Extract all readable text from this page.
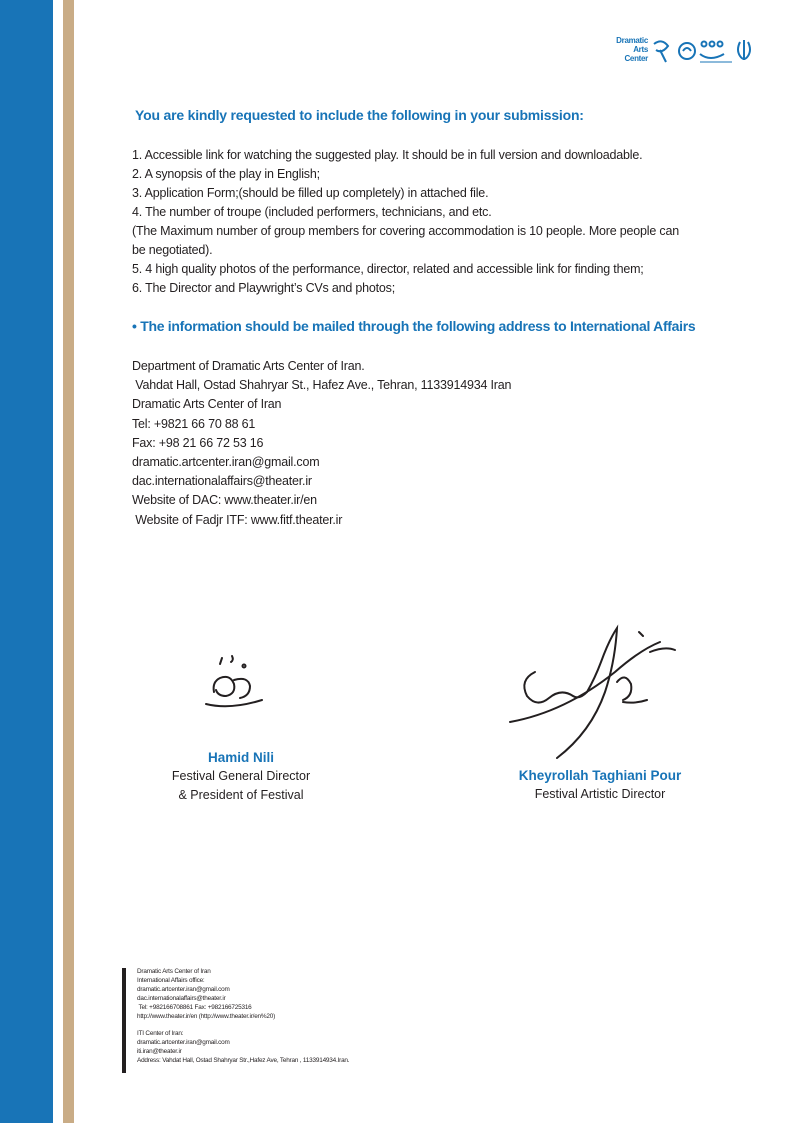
Dramatic
Arts
Center
You are kindly requested to include the following in your submission:
1. Accessible link for watching the suggested play. It should be in full version and downloadable.
2. A synopsis of the play in English;
3. Application Form;(should be filled up completely) in attached file.
4. The number of troupe (included performers, technicians, and etc.
(The Maximum number of group members for covering accommodation is 10 people. More people can be negotiated).
5. 4 high quality photos of the performance, director, related and accessible link for finding them;
6. The Director and Playwright’s CVs and photos;
• The information should be mailed through the following address to International Affairs
Department of Dramatic Arts Center of Iran.
Vahdat Hall, Ostad Shahryar St., Hafez Ave., Tehran, 1133914934 Iran
Dramatic Arts Center of Iran
Tel: +9821 66 70 88 61
Fax: +98 21 66 72 53 16
dramatic.artcenter.iran@gmail.com
dac.internationalaffairs@theater.ir
Website of DAC: www.theater.ir/en
Website of Fadjr ITF: www.fitf.theater.ir
Hamid Nili
Festival General Director
& President of Festival
Kheyrollah Taghiani Pour
Festival Artistic Director
Dramatic Arts Center of Iran
International Affairs office:
dramatic.artcenter.iran@gmail.com
dac.internationalaffairs@theater.ir
Tel: +982166708861 Fax: +982166725316
http://www.theater.ir/en (http://www.theater.ir/en%20)

ITI Center of Iran:
dramatic.artcenter.iran@gmail.com
iti.iran@theater.ir
Address: Vahdat Hall, Ostad Shahryar Str.,Hafez Ave, Tehran , 1133914934.Iran.
